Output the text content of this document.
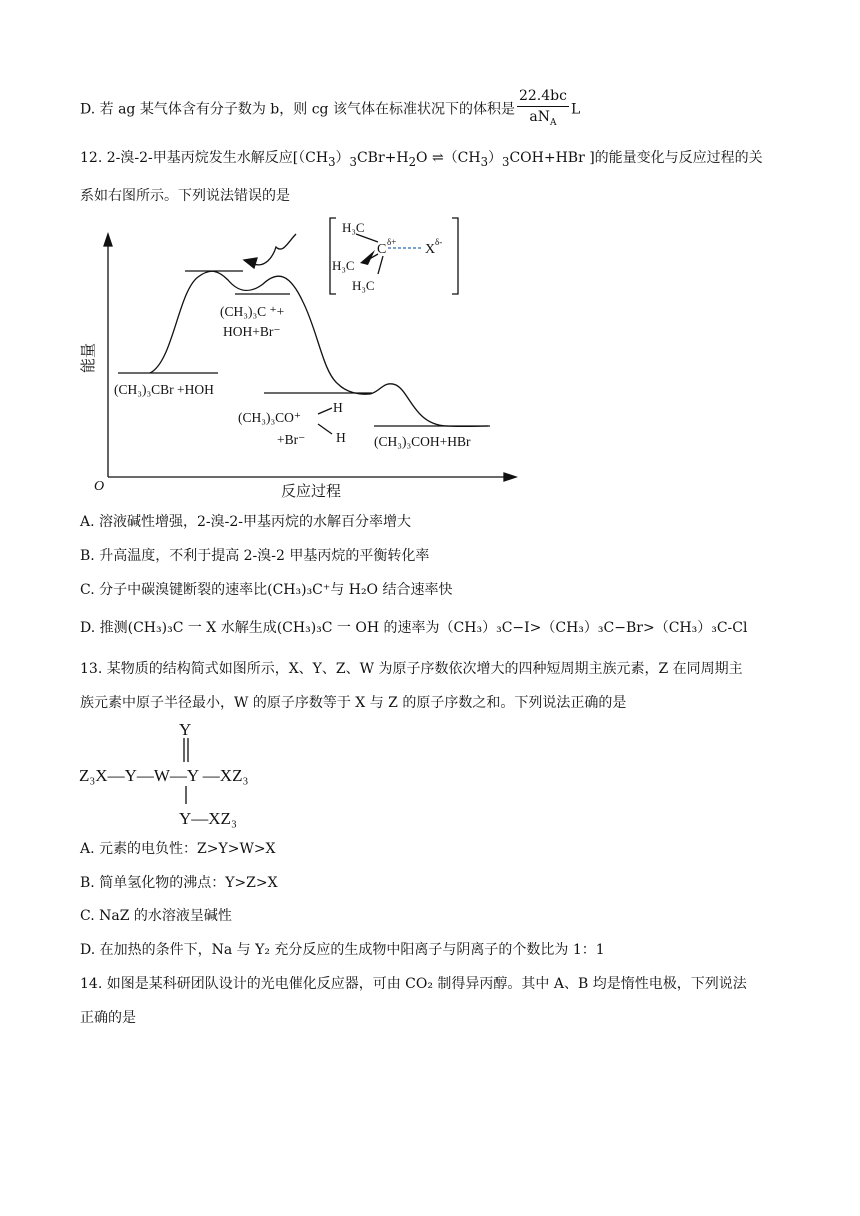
D. 若 ag 某气体含有分子数为 b，则 cg 该气体在标准状况下的体积是 $\frac{22.4bc}{aN_A}$ L
12. 2-溴-2-甲基丙烷发生水解反应[$(CH_3)_3CBr+H_2O$ $\rightleftharpoons(CH_3)_3COH+HBr$ ]的能量变化与反应过程的关
系如右图所示。下列说法错误的是
能量
O	反应过程
(CH₃)₃CBr +HOH
(CH₃)₃C ⁺+
HOH+Br⁻
(CH₃)₃CO⁺
H
H
+Br⁻	(CH₃)₃COH+HBr
H₃C
H₃C
H₃C
C δ+ X δ-
A. 溶液碱性增强，2-溴-2-甲基丙烷的水解百分率增大
B. 升高温度，不利于提高 2-溴-2 甲基丙烷的平衡转化率
C. 分子中碳溴键断裂的速率比(CH₃)₃C⁺与 H₂O 结合速率快
D. 推测(CH₃)₃C 一 X 水解生成(CH₃)₃C 一 OH 的速率为（CH₃）₃C−I>（CH₃）₃C−Br>（CH₃）₃C-Cl
13. 某物质的结构简式如图所示，X、Y、Z、W 为原子序数依次增大的四种短周期主族元素，Z 在同周期主
族元素中原子半径最小，W 的原子序数等于 X 与 Z 的原子序数之和。下列说法正确的是
Y
Z₃X—Y—W—Y —XZ₃
Y—XZ₃
A. 元素的电负性：Z>Y>W>X
B. 简单氢化物的沸点：Y>Z>X
C. NaZ 的水溶液呈碱性
D. 在加热的条件下，Na 与 Y₂ 充分反应的生成物中阳离子与阴离子的个数比为 1：1
14. 如图是某科研团队设计的光电催化反应器，可由 CO₂ 制得异丙醇。其中 A、B 均是惰性电极，下列说法
正确的是
